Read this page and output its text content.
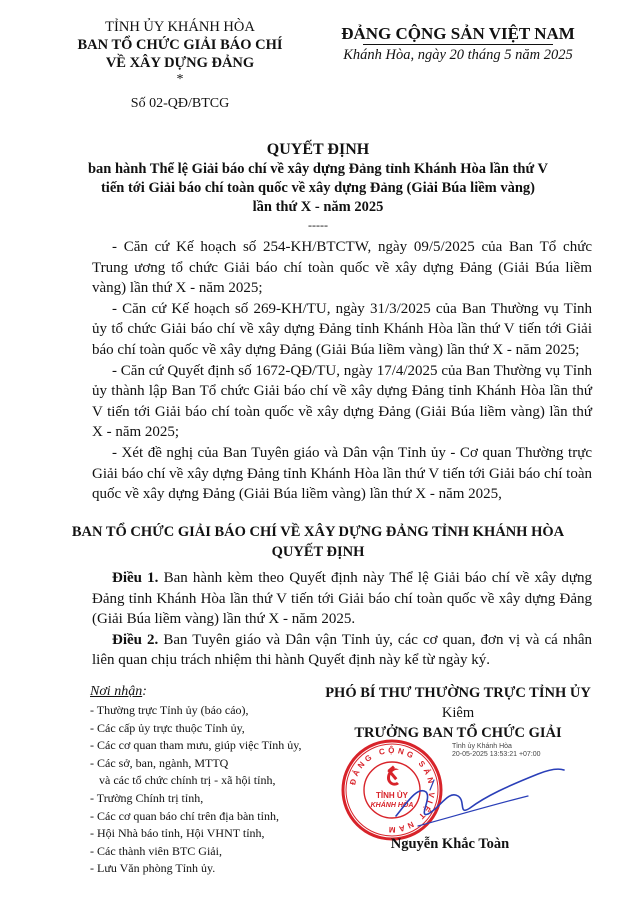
TỈNH ỦY KHÁNH HÒA
BAN TỔ CHỨC GIẢI BÁO CHÍ
VỀ XÂY DỰNG ĐẢNG
*
Số 02-QĐ/BTCG
ĐẢNG CỘNG SẢN VIỆT NAM
Khánh Hòa, ngày 20 tháng 5 năm 2025
QUYẾT ĐỊNH
ban hành Thể lệ Giải báo chí về xây dựng Đảng tỉnh Khánh Hòa lần thứ V
tiến tới Giải báo chí toàn quốc về xây dựng Đảng (Giải Búa liềm vàng)
lần thứ X - năm 2025
-----
- Căn cứ Kế hoạch số 254-KH/BTCTW, ngày 09/5/2025 của Ban Tổ chức Trung ương tổ chức Giải báo chí toàn quốc về xây dựng Đảng (Giải Búa liềm vàng) lần thứ X - năm 2025;
- Căn cứ Kế hoạch số 269-KH/TU, ngày 31/3/2025 của Ban Thường vụ Tỉnh ủy tổ chức Giải báo chí về xây dựng Đảng tỉnh Khánh Hòa lần thứ V tiến tới Giải báo chí toàn quốc về xây dựng Đảng (Giải Búa liềm vàng) lần thứ X - năm 2025;
- Căn cứ Quyết định số 1672-QĐ/TU, ngày 17/4/2025 của Ban Thường vụ Tỉnh ủy thành lập Ban Tổ chức Giải báo chí về xây dựng Đảng tỉnh Khánh Hòa lần thứ V tiến tới Giải báo chí toàn quốc về xây dựng Đảng (Giải Búa liềm vàng) lần thứ X - năm 2025;
- Xét đề nghị của Ban Tuyên giáo và Dân vận Tỉnh ủy - Cơ quan Thường trực Giải báo chí về xây dựng Đảng tỉnh Khánh Hòa lần thứ V tiến tới Giải báo chí toàn quốc về xây dựng Đảng (Giải Búa liềm vàng) lần thứ X - năm 2025,
BAN TỔ CHỨC GIẢI BÁO CHÍ VỀ XÂY DỰNG ĐẢNG TỈNH KHÁNH HÒA
QUYẾT ĐỊNH
Điều 1. Ban hành kèm theo Quyết định này Thể lệ Giải báo chí về xây dựng Đảng tỉnh Khánh Hòa lần thứ V tiến tới Giải báo chí toàn quốc về xây dựng Đảng (Giải Búa liềm vàng) lần thứ X - năm 2025.
Điều 2. Ban Tuyên giáo và Dân vận Tỉnh ủy, các cơ quan, đơn vị và cá nhân liên quan chịu trách nhiệm thi hành Quyết định này kể từ ngày ký.
Nơi nhận:
- Thường trực Tỉnh ủy (báo cáo),
- Các cấp ủy trực thuộc Tỉnh ủy,
- Các cơ quan tham mưu, giúp việc Tỉnh ủy,
- Các sở, ban, ngành, MTTQ
và các tổ chức chính trị - xã hội tỉnh,
- Trường Chính trị tỉnh,
- Các cơ quan báo chí trên địa bàn tỉnh,
- Hội Nhà báo tỉnh, Hội VHNT tỉnh,
- Các thành viên BTC Giải,
- Lưu Văn phòng Tỉnh ủy.
PHÓ BÍ THƯ THƯỜNG TRỰC TỈNH ỦY
Kiêm
TRƯỞNG BAN TỔ CHỨC GIẢI
ĐẢNG CỘNG SẢN VIỆT NAM
TỈNH ỦY
KHÁNH HÒA
Tỉnh ủy Khánh Hòa
20-05-2025 13:53:21 +07:00
Nguyễn Khắc Toàn
